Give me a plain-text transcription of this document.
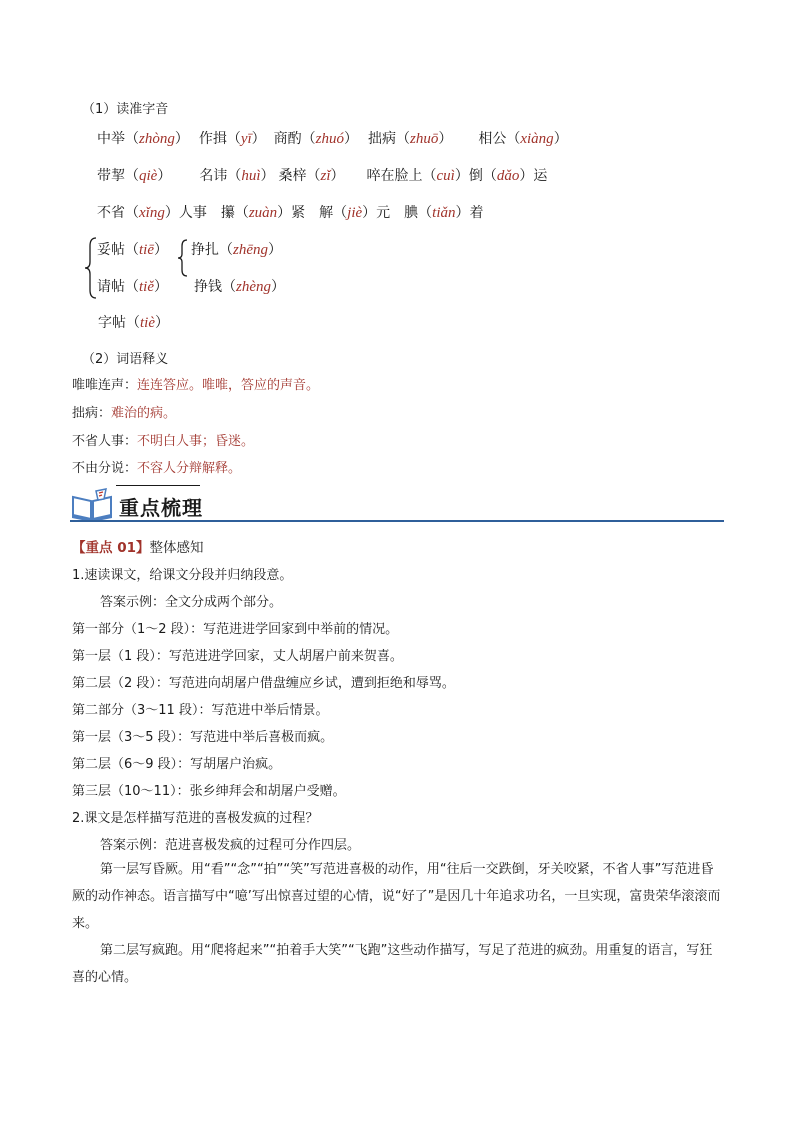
（1）读准字音
中举（ zhòng ） 作揖（ yī ） 商酌（ zhuó ） 拙病（ zhuō ） 相公（ xiàng ）
带挈（ qiè ） 名讳（ huì ） 桑梓（ zǐ ） 啐在脸上（ cuì ） 倒（ dǎo ）运
不省（ xǐng ）人事 攥（ zuàn ）紧 解（ jiè ）元 腆（ tiǎn ）着
妥帖（ tiē ） 挣扎（ zhēng ）
请帖（ tiě ） 挣钱（ zhèng ）
字帖（ tiè ）
（2）词语释义
唯唯连声：连连答应。唯唯，答应的声音。
拙病：难治的病。
不省人事：不明白人事；昏迷。
不由分说：不容人分辩解释。
重点梳理
【重点 01】整体感知
1.速读课文，给课文分段并归纳段意。
答案示例：全文分成两个部分。
第一部分（1～2 段）：写范进进学回家到中举前的情况。
第一层（1 段）：写范进进学回家，丈人胡屠户前来贺喜。
第二层（2 段）：写范进向胡屠户借盘缠应乡试，遭到拒绝和辱骂。
第二部分（3～11 段）：写范进中举后情景。
第一层（3～5 段）：写范进中举后喜极而疯。
第二层（6～9 段）：写胡屠户治疯。
第三层（10～11）：张乡绅拜会和胡屠户受赠。
2.课文是怎样描写范进的喜极发疯的过程？
答案示例：范进喜极发疯的过程可分作四层。

第一层写昏厥。用“看”“念”“拍”“笑”写范进喜极的动作，用“往后一交跌倒，牙关咬紧，不省人事”写范进昏厥的动作神态。语言描写中“噫’写出惊喜过望的心情，说“好了”是因几十年追求功名，一旦实现，富贵荣华滚滚而来。

第二层写疯跑。用“爬将起来”“拍着手大笑”“飞跑”这些动作描写，写足了范进的疯劲。用重复的语言，写狂喜的心情。
